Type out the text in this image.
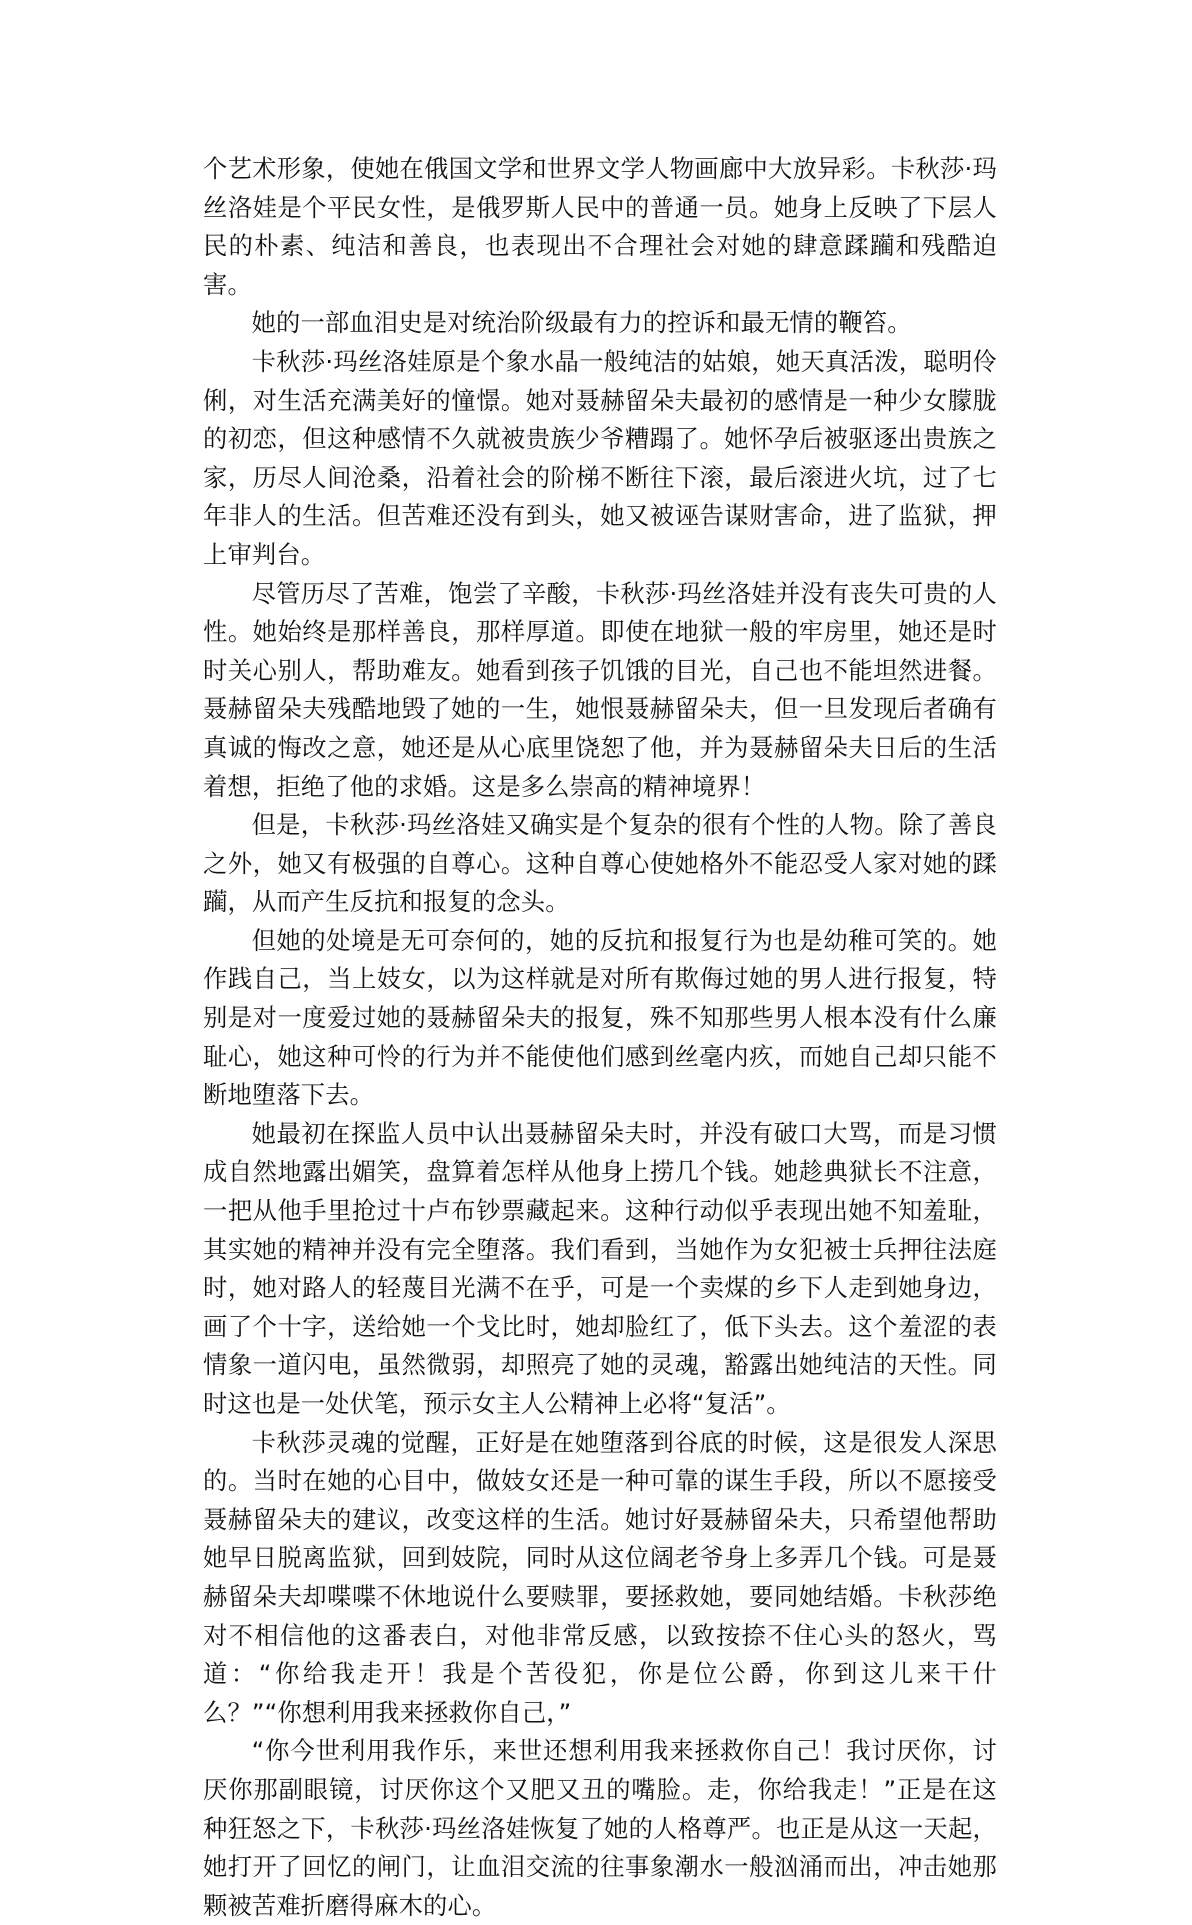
个艺术形象，使她在俄国文学和世界文学人物画廊中大放异彩。卡秋莎·玛丝洛娃是个平民女性，是俄罗斯人民中的普通一员。她身上反映了下层人民的朴素、纯洁和善良，也表现出不合理社会对她的肆意蹂躏和残酷迫害。

她的一部血泪史是对统治阶级最有力的控诉和最无情的鞭笞。

卡秋莎·玛丝洛娃原是个象水晶一般纯洁的姑娘，她天真活泼，聪明伶俐，对生活充满美好的憧憬。她对聂赫留朵夫最初的感情是一种少女朦胧的初恋，但这种感情不久就被贵族少爷糟蹋了。她怀孕后被驱逐出贵族之家，历尽人间沧桑，沿着社会的阶梯不断往下滚，最后滚进火坑，过了七年非人的生活。但苦难还没有到头，她又被诬告谋财害命，进了监狱，押上审判台。

尽管历尽了苦难，饱尝了辛酸，卡秋莎·玛丝洛娃并没有丧失可贵的人性。她始终是那样善良，那样厚道。即使在地狱一般的牢房里，她还是时时关心别人，帮助难友。她看到孩子饥饿的目光，自己也不能坦然进餐。聂赫留朵夫残酷地毁了她的一生，她恨聂赫留朵夫，但一旦发现后者确有真诚的悔改之意，她还是从心底里饶恕了他，并为聂赫留朵夫日后的生活着想，拒绝了他的求婚。这是多么崇高的精神境界！

但是，卡秋莎·玛丝洛娃又确实是个复杂的很有个性的人物。除了善良之外，她又有极强的自尊心。这种自尊心使她格外不能忍受人家对她的蹂躏，从而产生反抗和报复的念头。

但她的处境是无可奈何的，她的反抗和报复行为也是幼稚可笑的。她作践自己，当上妓女，以为这样就是对所有欺侮过她的男人进行报复，特别是对一度爱过她的聂赫留朵夫的报复，殊不知那些男人根本没有什么廉耻心，她这种可怜的行为并不能使他们感到丝毫内疚，而她自己却只能不断地堕落下去。

她最初在探监人员中认出聂赫留朵夫时，并没有破口大骂，而是习惯成自然地露出媚笑，盘算着怎样从他身上捞几个钱。她趁典狱长不注意，一把从他手里抢过十卢布钞票藏起来。这种行动似乎表现出她不知羞耻，其实她的精神并没有完全堕落。我们看到，当她作为女犯被士兵押往法庭时，她对路人的轻蔑目光满不在乎，可是一个卖煤的乡下人走到她身边，画了个十字，送给她一个戈比时，她却脸红了，低下头去。这个羞涩的表情象一道闪电，虽然微弱，却照亮了她的灵魂，豁露出她纯洁的天性。同时这也是一处伏笔，预示女主人公精神上必将“复活”。

卡秋莎灵魂的觉醒，正好是在她堕落到谷底的时候，这是很发人深思的。当时在她的心目中，做妓女还是一种可靠的谋生手段，所以不愿接受聂赫留朵夫的建议，改变这样的生活。她讨好聂赫留朵夫，只希望他帮助她早日脱离监狱，回到妓院，同时从这位阔老爷身上多弄几个钱。可是聂赫留朵夫却喋喋不休地说什么要赎罪，要拯救她，要同她结婚。卡秋莎绝对不相信他的这番表白，对他非常反感，以致按捺不住心头的怒火，骂道：“你给我走开！我是个苦役犯，你是位公爵，你到这儿来干什么？”“你想利用我来拯救你自己，”

“你今世利用我作乐，来世还想利用我来拯救你自己！我讨厌你，讨厌你那副眼镜，讨厌你这个又肥又丑的嘴脸。走，你给我走！”正是在这种狂怒之下，卡秋莎·玛丝洛娃恢复了她的人格尊严。也正是从这一天起，她打开了回忆的闸门，让血泪交流的往事象潮水一般汹涌而出，冲击她那颗被苦难折磨得麻木的心。
